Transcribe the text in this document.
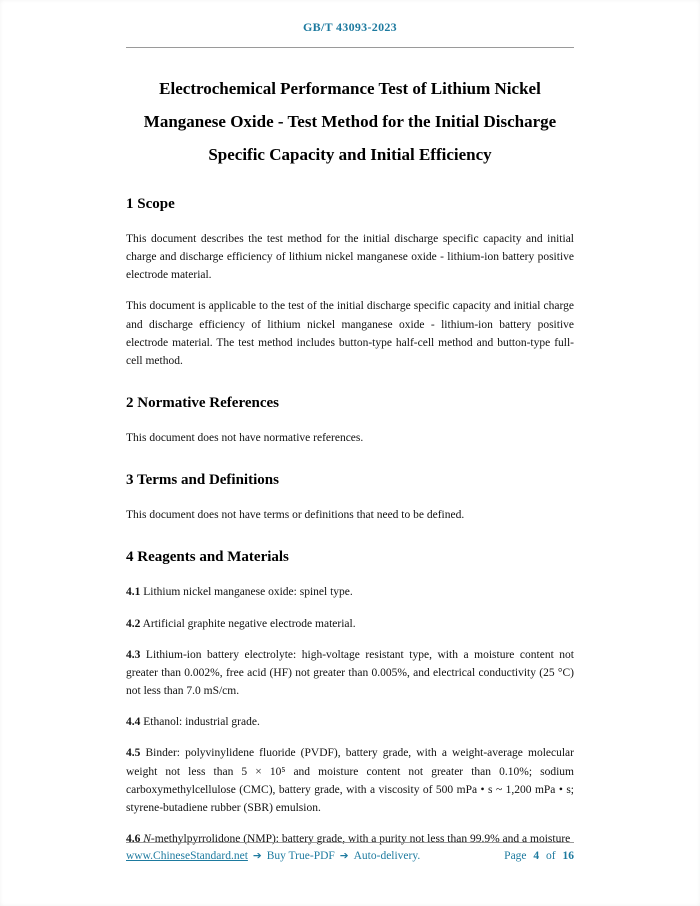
GB/T 43093-2023
Electrochemical Performance Test of Lithium Nickel
Manganese Oxide - Test Method for the Initial Discharge
Specific Capacity and Initial Efficiency
1 Scope

This document describes the test method for the initial discharge specific capacity and initial charge and discharge efficiency of lithium nickel manganese oxide - lithium-ion battery positive electrode material.

This document is applicable to the test of the initial discharge specific capacity and initial charge and discharge efficiency of lithium nickel manganese oxide - lithium-ion battery positive electrode material. The test method includes button-type half-cell method and button-type full-cell method.

2 Normative References

This document does not have normative references.

3 Terms and Definitions

This document does not have terms or definitions that need to be defined.

4 Reagents and Materials

4.1 Lithium nickel manganese oxide: spinel type.

4.2 Artificial graphite negative electrode material.

4.3 Lithium-ion battery electrolyte: high-voltage resistant type, with a moisture content not greater than 0.002%, free acid (HF) not greater than 0.005%, and electrical conductivity (25 °C) not less than 7.0 mS/cm.

4.4 Ethanol: industrial grade.

4.5 Binder: polyvinylidene fluoride (PVDF), battery grade, with a weight-average molecular weight not less than 5 × 10⁵ and moisture content not greater than 0.10%; sodium carboxymethylcellulose (CMC), battery grade, with a viscosity of 500 mPa • s ~ 1,200 mPa • s; styrene-butadiene rubber (SBR) emulsion.

4.6 N-methylpyrrolidone (NMP): battery grade, with a purity not less than 99.9% and a moisture

www.ChineseStandard.net ➔ Buy True-PDF ➔ Auto-delivery.	Page 4 of 16
